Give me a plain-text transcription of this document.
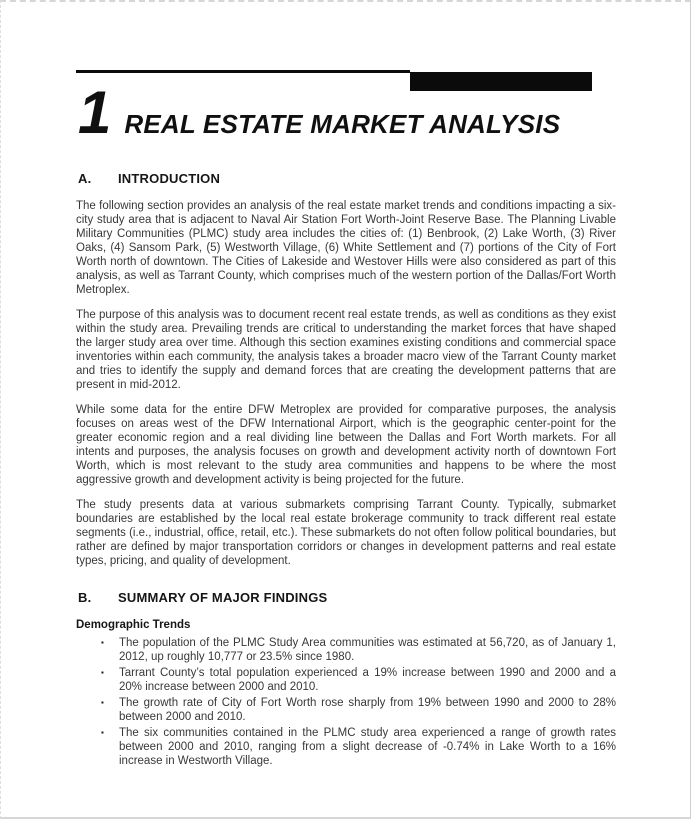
1 REAL ESTATE MARKET ANALYSIS
A. INTRODUCTION

The following section provides an analysis of the real estate market trends and conditions impacting a six-city study area that is adjacent to Naval Air Station Fort Worth-Joint Reserve Base. The Planning Livable Military Communities (PLMC) study area includes the cities of: (1) Benbrook, (2) Lake Worth, (3) River Oaks, (4) Sansom Park, (5) Westworth Village, (6) White Settlement and (7) portions of the City of Fort Worth north of downtown. The Cities of Lakeside and Westover Hills were also considered as part of this analysis, as well as Tarrant County, which comprises much of the western portion of the Dallas/Fort Worth Metroplex.

The purpose of this analysis was to document recent real estate trends, as well as conditions as they exist within the study area. Prevailing trends are critical to understanding the market forces that have shaped the larger study area over time. Although this section examines existing conditions and commercial space inventories within each community, the analysis takes a broader macro view of the Tarrant County market and tries to identify the supply and demand forces that are creating the development patterns that are present in mid-2012.

While some data for the entire DFW Metroplex are provided for comparative purposes, the analysis focuses on areas west of the DFW International Airport, which is the geographic center-point for the greater economic region and a real dividing line between the Dallas and Fort Worth markets. For all intents and purposes, the analysis focuses on growth and development activity north of downtown Fort Worth, which is most relevant to the study area communities and happens to be where the most aggressive growth and development activity is being projected for the future.

The study presents data at various submarkets comprising Tarrant County. Typically, submarket boundaries are established by the local real estate brokerage community to track different real estate segments (i.e., industrial, office, retail, etc.). These submarkets do not often follow political boundaries, but rather are defined by major transportation corridors or changes in development patterns and real estate types, pricing, and quality of development.

B. SUMMARY OF MAJOR FINDINGS
Demographic Trends
▪	The population of the PLMC Study Area communities was estimated at 56,720, as of January 1, 2012, up roughly 10,777 or 23.5% since 1980.
▪	Tarrant County’s total population experienced a 19% increase between 1990 and 2000 and a 20% increase between 2000 and 2010.
▪	The growth rate of City of Fort Worth rose sharply from 19% between 1990 and 2000 to 28% between 2000 and 2010.
▪	The six communities contained in the PLMC study area experienced a range of growth rates between 2000 and 2010, ranging from a slight decrease of -0.74% in Lake Worth to a 16% increase in Westworth Village.
